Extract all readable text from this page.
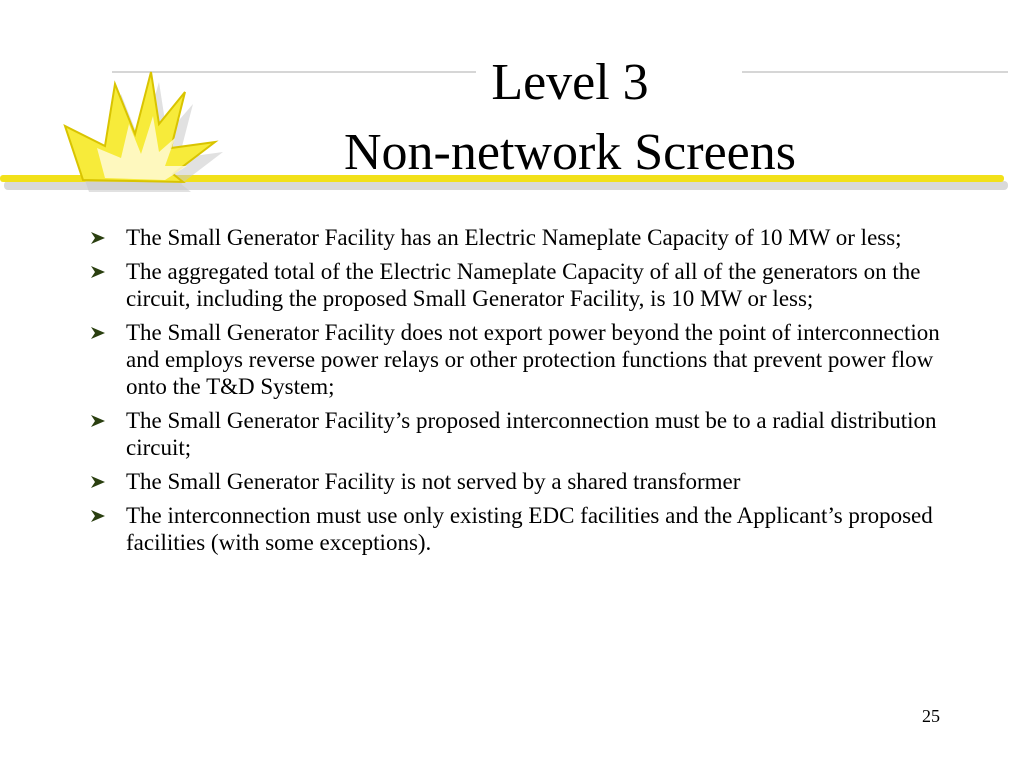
Level 3
Non-network Screens
The Small Generator Facility has an Electric Nameplate Capacity of 10 MW or less;
The aggregated total of the Electric Nameplate Capacity of all of the generators on the circuit, including the proposed Small Generator Facility, is 10 MW or less;
The Small Generator Facility does not export power beyond the point of interconnection and employs reverse power relays or other protection functions that prevent power flow onto the T&D System;
The Small Generator Facility’s proposed interconnection must be to a radial distribution circuit;
The Small Generator Facility is not served by a shared transformer
The interconnection must use only existing EDC facilities and the Applicant’s proposed facilities (with some exceptions).
25
